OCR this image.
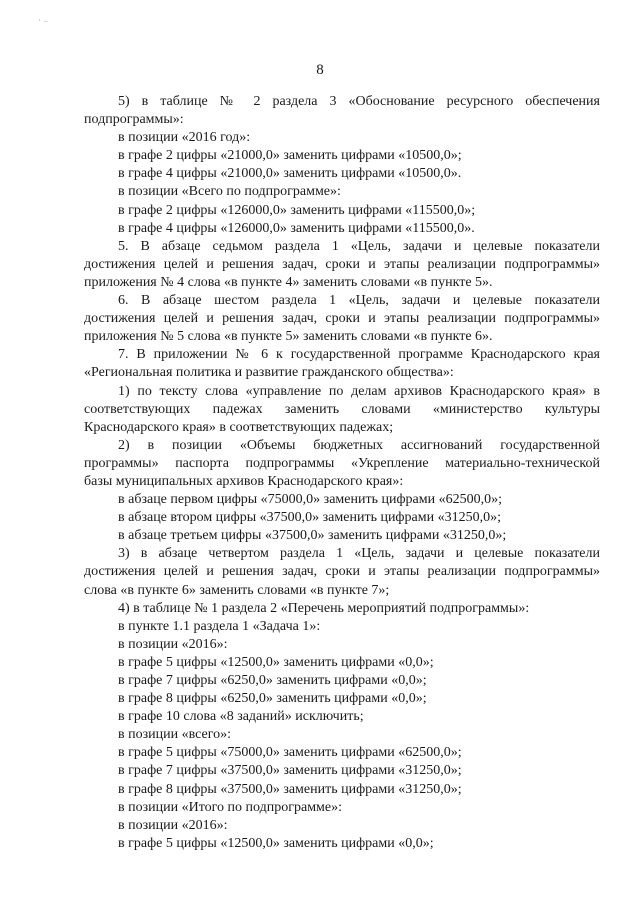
ʿ ⁻
8
5) в таблице № 2 раздела 3 «Обоснование ресурсного обеспечения
подпрограммы»:
в позиции «2016 год»:
в графе 2 цифры «21000,0» заменить цифрами «10500,0»;
в графе 4 цифры «21000,0» заменить цифрами «10500,0».
в позиции «Всего по подпрограмме»:
в графе 2 цифры «126000,0» заменить цифрами «115500,0»;
в графе 4 цифры «126000,0» заменить цифрами «115500,0».
5. В абзаце седьмом раздела 1 «Цель, задачи и целевые показатели
достижения целей и решения задач, сроки и этапы реализации подпрограммы»
приложения № 4 слова «в пункте 4» заменить словами «в пункте 5».
6. В абзаце шестом раздела 1 «Цель, задачи и целевые показатели
достижения целей и решения задач, сроки и этапы реализации подпрограммы»
приложения № 5 слова «в пункте 5» заменить словами «в пункте 6».
7. В приложении № 6 к государственной программе Краснодарского края
«Региональная политика и развитие гражданского общества»:
1) по тексту слова «управление по делам архивов Краснодарского края» в
соответствующих падежах заменить словами «министерство культуры
Краснодарского края» в соответствующих падежах;
2) в позиции «Объемы бюджетных ассигнований государственной
программы» паспорта подпрограммы «Укрепление материально-технической
базы муниципальных архивов Краснодарского края»:
в абзаце первом цифры «75000,0» заменить цифрами «62500,0»;
в абзаце втором цифры «37500,0» заменить цифрами «31250,0»;
в абзаце третьем цифры «37500,0» заменить цифрами «31250,0»;
3) в абзаце четвертом раздела 1 «Цель, задачи и целевые показатели
достижения целей и решения задач, сроки и этапы реализации подпрограммы»
слова «в пункте 6» заменить словами «в пункте 7»;
4) в таблице № 1 раздела 2 «Перечень мероприятий подпрограммы»:
в пункте 1.1 раздела 1 «Задача 1»:
в позиции «2016»:
в графе 5 цифры «12500,0» заменить цифрами «0,0»;
в графе 7 цифры «6250,0» заменить цифрами «0,0»;
в графе 8 цифры «6250,0» заменить цифрами «0,0»;
в графе 10 слова «8 заданий» исключить;
в позиции «всего»:
в графе 5 цифры «75000,0» заменить цифрами «62500,0»;
в графе 7 цифры «37500,0» заменить цифрами «31250,0»;
в графе 8 цифры «37500,0» заменить цифрами «31250,0»;
в позиции «Итого по подпрограмме»:
в позиции «2016»:
в графе 5 цифры «12500,0» заменить цифрами «0,0»;
